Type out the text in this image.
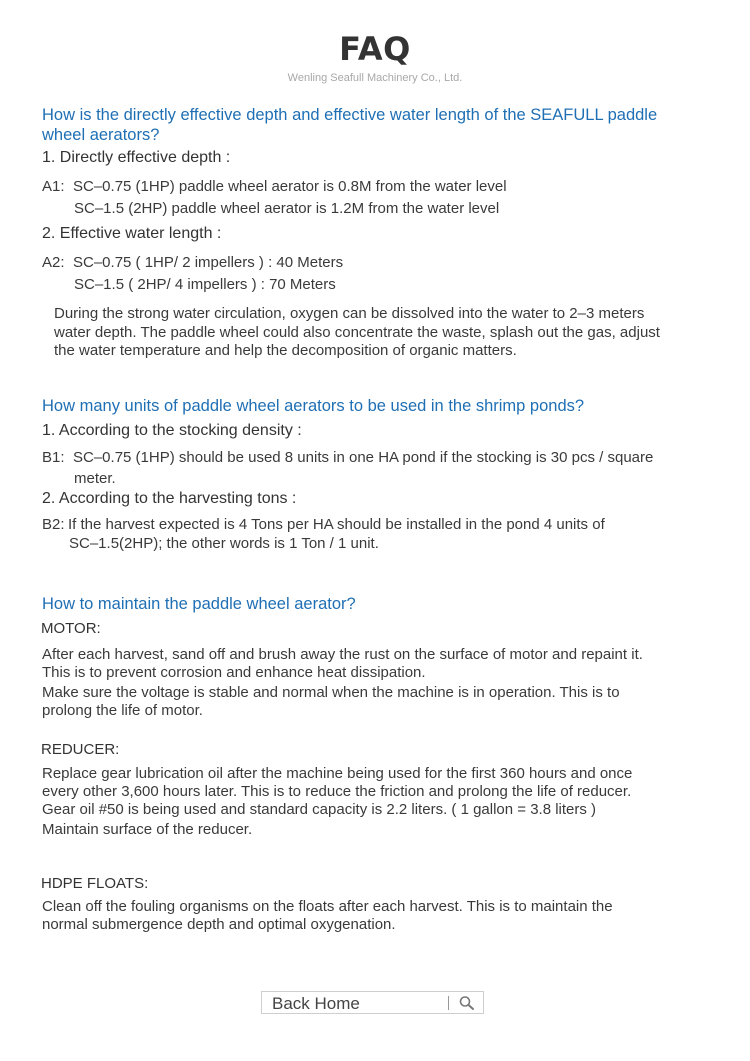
FAQ
Wenling Seafull Machinery Co., Ltd.
How is the directly effective depth and effective water length of the SEAFULL paddle
wheel aerators?
1. Directly effective depth :
A1: SC–0.75 (1HP) paddle wheel aerator is 0.8M from the water level
SC–1.5 (2HP) paddle wheel aerator is 1.2M from the water level
2. Effective water length :
A2: SC–0.75 ( 1HP/ 2 impellers ) : 40 Meters
SC–1.5 ( 2HP/ 4 impellers ) : 70 Meters
During the strong water circulation, oxygen can be dissolved into the water to 2–3 meters
water depth. The paddle wheel could also concentrate the waste, splash out the gas, adjust
the water temperature and help the decomposition of organic matters.
How many units of paddle wheel aerators to be used in the shrimp ponds?
1. According to the stocking density :
B1: SC–0.75 (1HP) should be used 8 units in one HA pond if the stocking is 30 pcs / square
meter.
2. According to the harvesting tons :
B2: If the harvest expected is 4 Tons per HA should be installed in the pond 4 units of
SC–1.5(2HP); the other words is 1 Ton / 1 unit.
How to maintain the paddle wheel aerator?
MOTOR:
After each harvest, sand off and brush away the rust on the surface of motor and repaint it.
This is to prevent corrosion and enhance heat dissipation.
Make sure the voltage is stable and normal when the machine is in operation. This is to
prolong the life of motor.
REDUCER:
Replace gear lubrication oil after the machine being used for the first 360 hours and once
every other 3,600 hours later. This is to reduce the friction and prolong the life of reducer.
Gear oil #50 is being used and standard capacity is 2.2 liters. ( 1 gallon = 3.8 liters )
Maintain surface of the reducer.
HDPE FLOATS:
Clean off the fouling organisms on the floats after each harvest. This is to maintain the
normal submergence depth and optimal oxygenation.
Back Home
